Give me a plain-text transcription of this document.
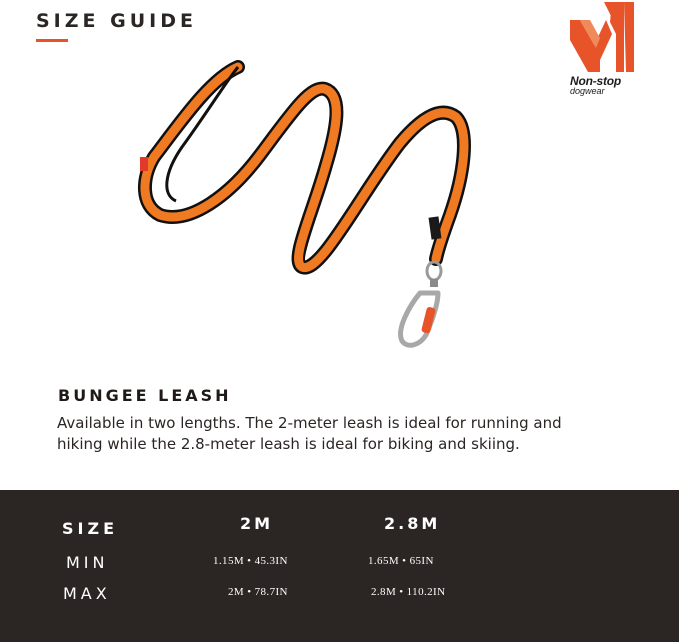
SIZE GUIDE
Non-stop
dogwear
BUNGEE LEASH
Available in two lengths. The 2-meter leash is ideal for running and
hiking while the 2.8-meter leash is ideal for biking and skiing.
SIZE	2M	2.8M
MIN	1.15M • 45.3IN	1.65M • 65IN
MAX	2M • 78.7IN	2.8M • 110.2IN
